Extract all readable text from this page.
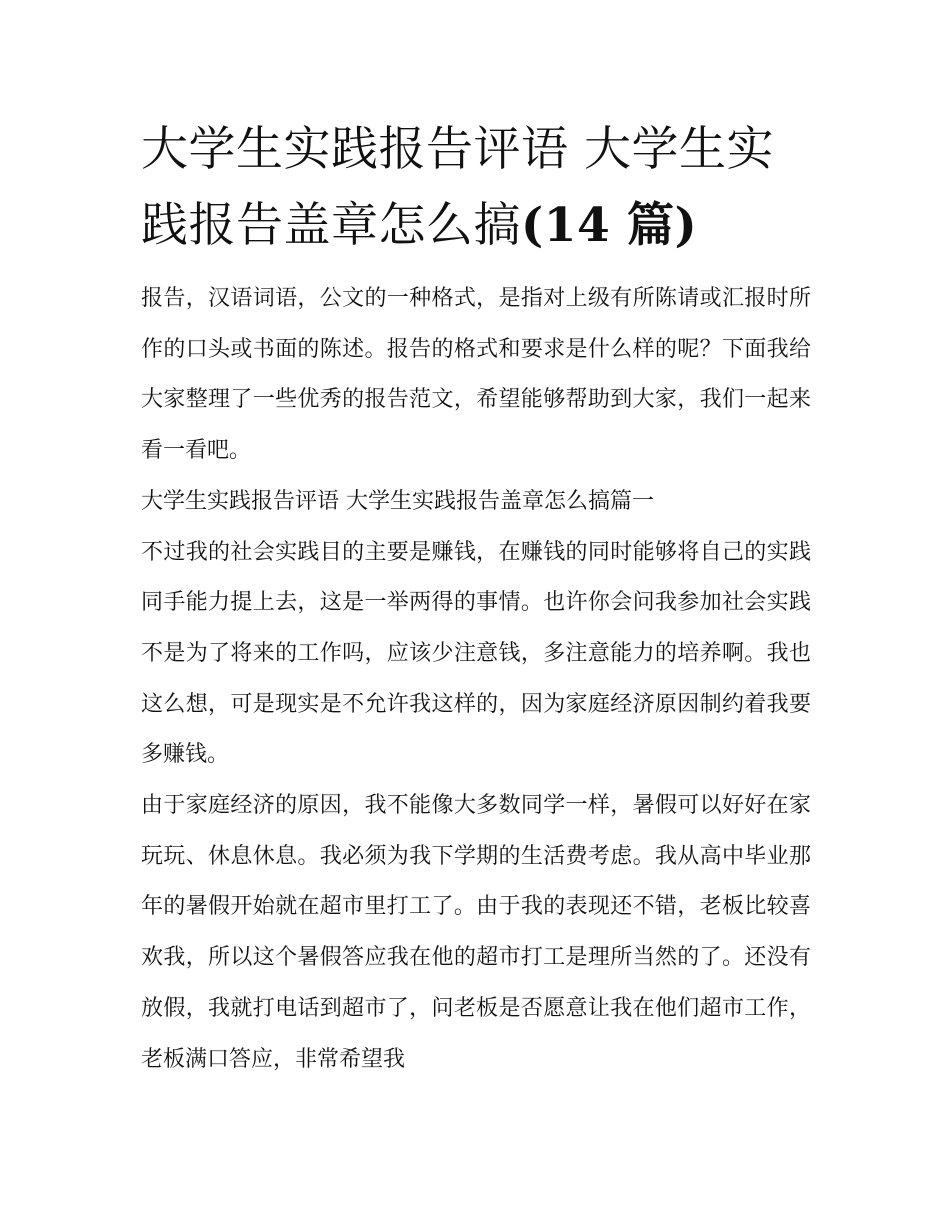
大学生实践报告评语 大学生实践报告盖章怎么搞(14 篇)

报告，汉语词语，公文的一种格式，是指对上级有所陈请或汇报时所作的口头或书面的陈述。报告的格式和要求是什么样的呢？下面我给大家整理了一些优秀的报告范文，希望能够帮助到大家，我们一起来看一看吧。

大学生实践报告评语 大学生实践报告盖章怎么搞篇一

不过我的社会实践目的主要是赚钱，在赚钱的同时能够将自己的实践同手能力提上去，这是一举两得的事情。也许你会问我参加社会实践不是为了将来的工作吗，应该少注意钱，多注意能力的培养啊。我也这么想，可是现实是不允许我这样的，因为家庭经济原因制约着我要多赚钱。

由于家庭经济的原因，我不能像大多数同学一样，暑假可以好好在家玩玩、休息休息。我必须为我下学期的生活费考虑。我从高中毕业那年的暑假开始就在超市里打工了。由于我的表现还不错，老板比较喜欢我，所以这个暑假答应我在他的超市打工是理所当然的了。还没有放假，我就打电话到超市了，问老板是否愿意让我在他们超市工作，老板满口答应，非常希望我
